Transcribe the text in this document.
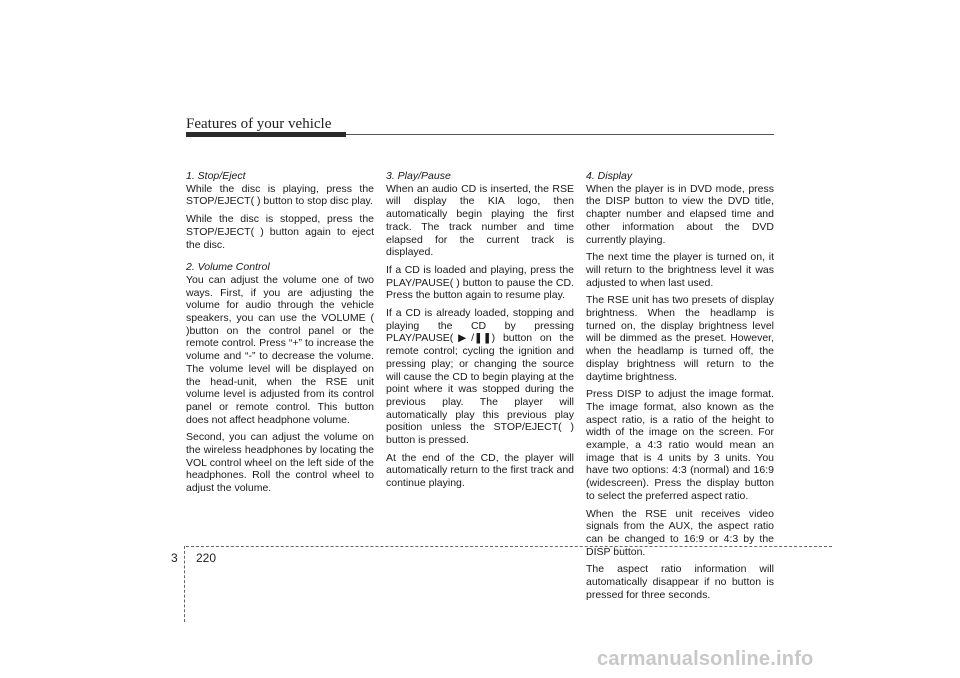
Features of your vehicle

1. Stop/Eject

While the disc is playing, press the STOP/EJECT( ) button to stop disc play.

While the disc is stopped, press the STOP/EJECT( ) button again to eject the disc.

2. Volume Control

You can adjust the volume one of two ways. First, if you are adjusting the volume for audio through the vehicle speakers, you can use the VOLUME ( )button on the control panel or the remote control. Press “+” to increase the volume and “-” to decrease the volume. The volume level will be displayed on the head-unit, when the RSE unit volume level is adjusted from its control panel or remote control. This button does not affect headphone volume.

Second, you can adjust the volume on the wireless headphones by locating the VOL control wheel on the left side of the headphones. Roll the control wheel to adjust the volume.

3. Play/Pause

When an audio CD is inserted, the RSE will display the KIA logo, then automatically begin playing the first track. The track number and time elapsed for the current track is displayed.

If a CD is loaded and playing, press the PLAY/PAUSE( ) button to pause the CD. Press the button again to resume play.

If a CD is already loaded, stopping and playing the CD by pressing PLAY/PAUSE(▶/❚❚) button on the remote control; cycling the ignition and pressing play; or changing the source will cause the CD to begin playing at the point where it was stopped during the previous play. The player will automatically play this previous play position unless the STOP/EJECT( ) button is pressed.

At the end of the CD, the player will automatically return to the first track and continue playing.

4. Display

When the player is in DVD mode, press the DISP button to view the DVD title, chapter number and elapsed time and other information about the DVD currently playing.

The next time the player is turned on, it will return to the brightness level it was adjusted to when last used.

The RSE unit has two presets of display brightness. When the headlamp is turned on, the display brightness level will be dimmed as the preset. However, when the headlamp is turned off, the display brightness will return to the daytime brightness.

Press DISP to adjust the image format. The image format, also known as the aspect ratio, is a ratio of the height to width of the image on the screen. For example, a 4:3 ratio would mean an image that is 4 units by 3 units. You have two options: 4:3 (normal) and 16:9 (widescreen). Press the display button to select the preferred aspect ratio.

When the RSE unit receives video signals from the AUX, the aspect ratio can be changed to 16:9 or 4:3 by the DISP button.

The aspect ratio information will automatically disappear if no button is pressed for three seconds.

3 220
carmanualsonline.info
